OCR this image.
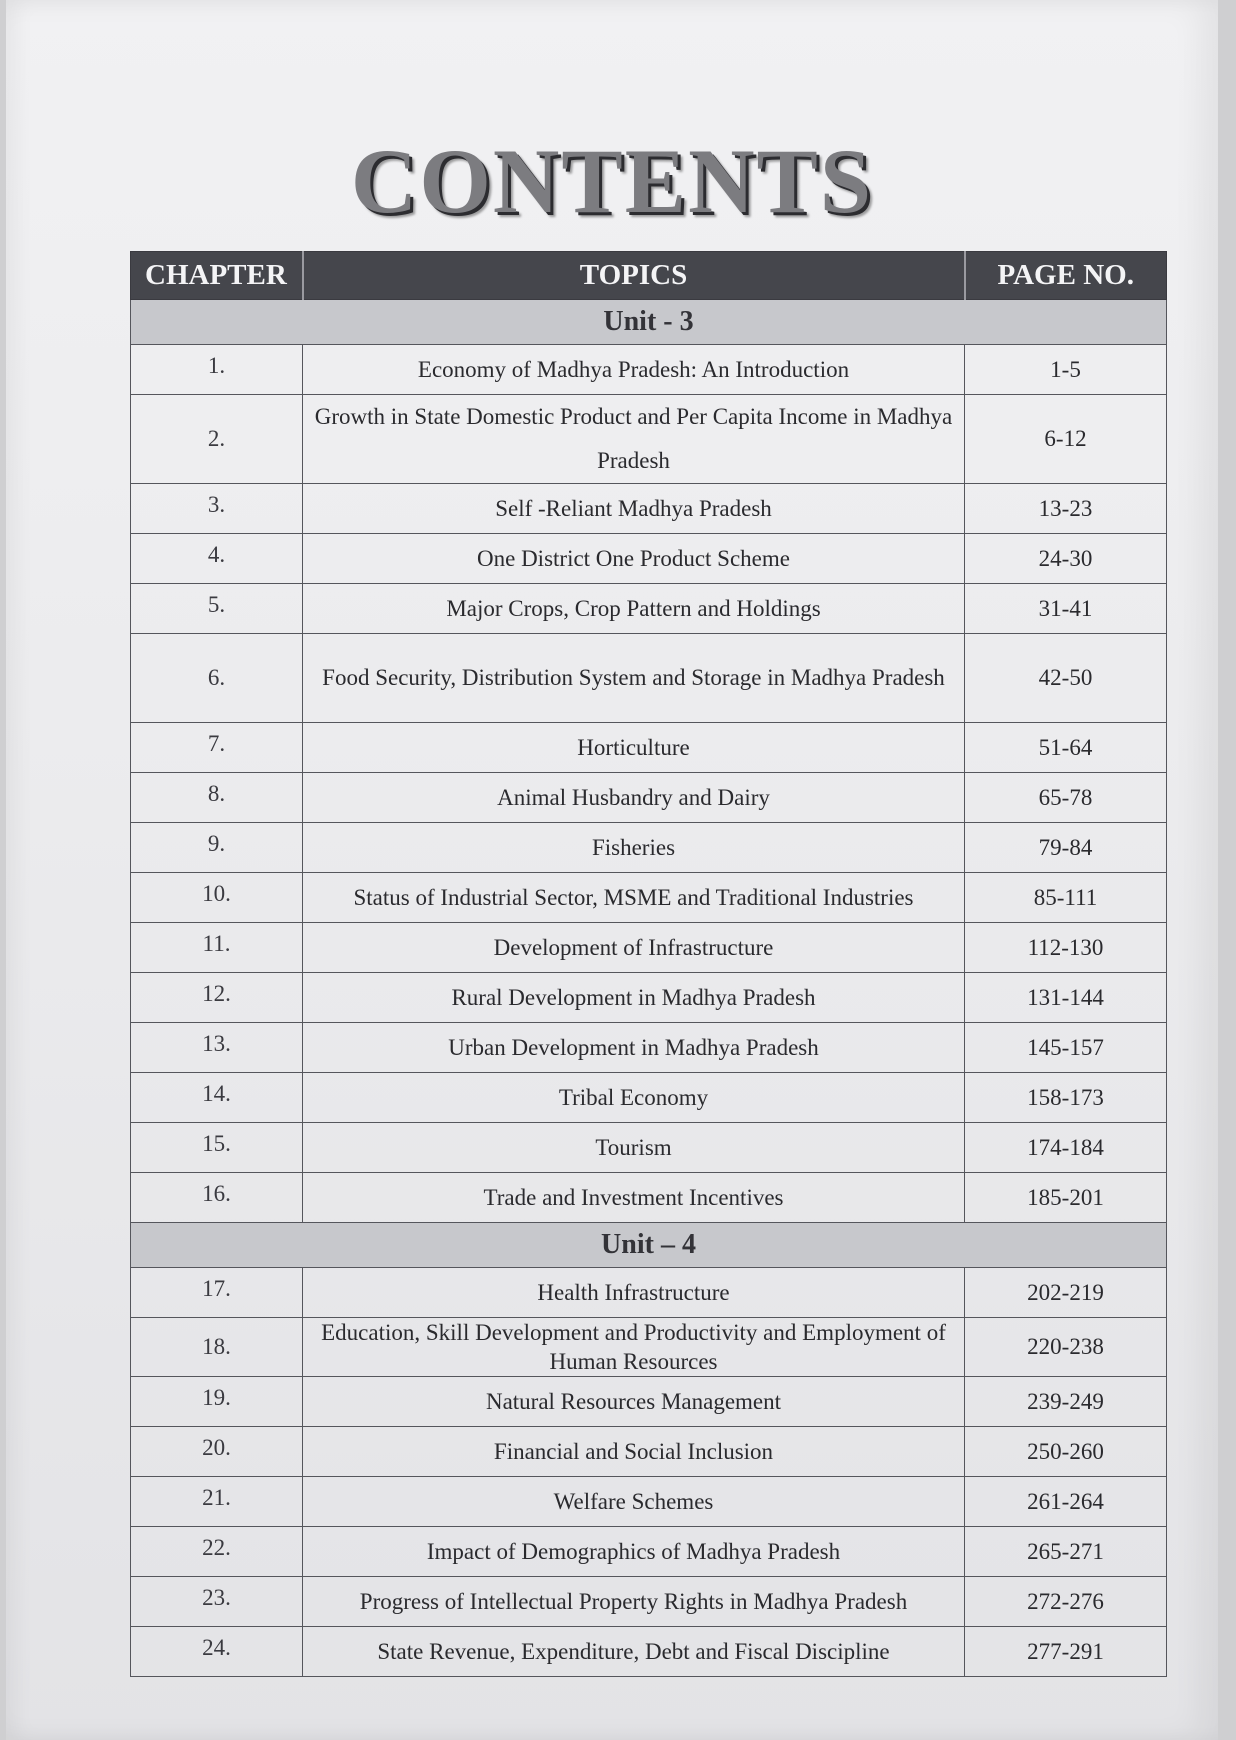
CONTENTS
CHAPTER	TOPICS	PAGE NO.
Unit - 3		
1.	Economy of Madhya Pradesh: An Introduction	1-5
2.	Growth in State Domestic Product and Per Capita Income in Madhya Pradesh	6-12
3.	Self -Reliant Madhya Pradesh	13-23
4.	One District One Product Scheme	24-30
5.	Major Crops, Crop Pattern and Holdings	31-41
6.	Food Security, Distribution System and Storage in Madhya Pradesh	42-50
7.	Horticulture	51-64
8.	Animal Husbandry and Dairy	65-78
9.	Fisheries	79-84
10.	Status of Industrial Sector, MSME and Traditional Industries	85-111
11.	Development of Infrastructure	112-130
12.	Rural Development in Madhya Pradesh	131-144
13.	Urban Development in Madhya Pradesh	145-157
14.	Tribal Economy	158-173
15.	Tourism	174-184
16.	Trade and Investment Incentives	185-201
Unit – 4		
17.	Health Infrastructure	202-219
18.	Education, Skill Development and Productivity and Employment of Human Resources	220-238
19.	Natural Resources Management	239-249
20.	Financial and Social Inclusion	250-260
21.	Welfare Schemes	261-264
22.	Impact of Demographics of Madhya Pradesh	265-271
23.	Progress of Intellectual Property Rights in Madhya Pradesh	272-276
24.	State Revenue, Expenditure, Debt and Fiscal Discipline	277-291
